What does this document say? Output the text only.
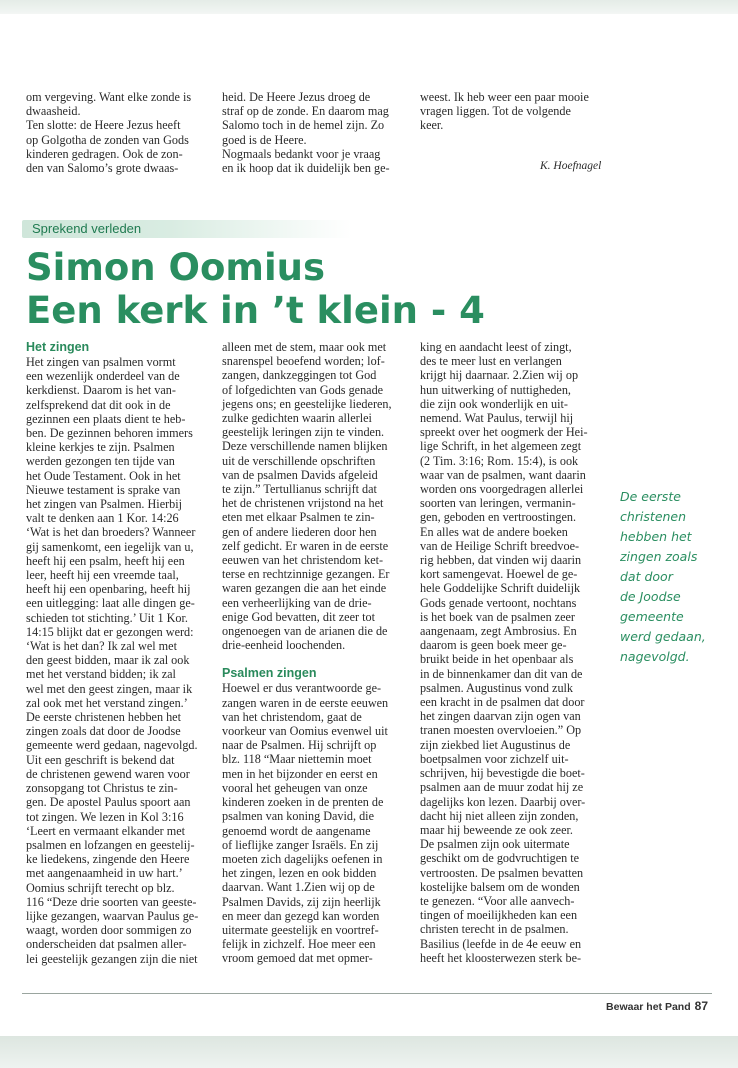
om vergeving. Want elke zonde is
dwaasheid.
Ten slotte: de Heere Jezus heeft
op Golgotha de zonden van Gods
kinderen gedragen. Ook de zon-
den van Salomo’s grote dwaas-

heid. De Heere Jezus droeg de
straf op de zonde. En daarom mag
Salomo toch in de hemel zijn. Zo
goed is de Heere.
Nogmaals bedankt voor je vraag
en ik hoop dat ik duidelijk ben ge-

weest. Ik heb weer een paar mooie
vragen liggen. Tot de volgende
keer.

K. Hoefnagel
Sprekend verleden
Simon Oomius
Een kerk in ’t klein - 4

Het zingen

Het zingen van psalmen vormt
een wezenlijk onderdeel van de
kerkdienst. Daarom is het van-
zelfsprekend dat dit ook in de
gezinnen een plaats dient te heb-
ben. De gezinnen behoren immers
kleine kerkjes te zijn. Psalmen
werden gezongen ten tijde van
het Oude Testament. Ook in het
Nieuwe testament is sprake van
het zingen van Psalmen. Hierbij
valt te denken aan 1 Kor. 14:26
‘Wat is het dan broeders? Wanneer
gij samenkomt, een iegelijk van u,
heeft hij een psalm, heeft hij een
leer, heeft hij een vreemde taal,
heeft hij een openbaring, heeft hij
een uitlegging: laat alle dingen ge-
schieden tot stichting.’ Uit 1 Kor.
14:15 blijkt dat er gezongen werd:
‘Wat is het dan? Ik zal wel met
den geest bidden, maar ik zal ook
met het verstand bidden; ik zal
wel met den geest zingen, maar ik
zal ook met het verstand zingen.’
De eerste christenen hebben het
zingen zoals dat door de Joodse
gemeente werd gedaan, nagevolgd.
Uit een geschrift is bekend dat
de christenen gewend waren voor
zonsopgang tot Christus te zin-
gen. De apostel Paulus spoort aan
tot zingen. We lezen in Kol 3:16
‘Leert en vermaant elkander met
psalmen en lofzangen en geestelij-
ke liedekens, zingende den Heere
met aangenaamheid in uw hart.’
Oomius schrijft terecht op blz.
116 “Deze drie soorten van geeste-
lijke gezangen, waarvan Paulus ge-
waagt, worden door sommigen zo
onderscheiden dat psalmen aller-
lei geestelijk gezangen zijn die niet

alleen met de stem, maar ook met
snarenspel beoefend worden; lof-
zangen, dankzeggingen tot God
of lofgedichten van Gods genade
jegens ons; en geestelijke liederen,
zulke gedichten waarin allerlei
geestelijk leringen zijn te vinden.
Deze verschillende namen blijken
uit de verschillende opschriften
van de psalmen Davids afgeleid
te zijn.” Tertullianus schrijft dat
het de christenen vrijstond na het
eten met elkaar Psalmen te zin-
gen of andere liederen door hen
zelf gedicht. Er waren in de eerste
eeuwen van het christendom ket-
terse en rechtzinnige gezangen. Er
waren gezangen die aan het einde
een verheerlijking van de drie-
enige God bevatten, dit zeer tot
ongenoegen van de arianen die de
drie-eenheid loochenden.

Psalmen zingen

Hoewel er dus verantwoorde ge-
zangen waren in de eerste eeuwen
van het christendom, gaat de
voorkeur van Oomius evenwel uit
naar de Psalmen. Hij schrijft op
blz. 118 “Maar niettemin moet
men in het bijzonder en eerst en
vooral het geheugen van onze
kinderen zoeken in de prenten de
psalmen van koning David, die
genoemd wordt de aangename
of lieflijke zanger Israëls. En zij
moeten zich dagelijks oefenen in
het zingen, lezen en ook bidden
daarvan. Want 1.Zien wij op de
Psalmen Davids, zij zijn heerlijk
en meer dan gezegd kan worden
uitermate geestelijk en voortref-
felijk in zichzelf. Hoe meer een
vroom gemoed dat met opmer-

king en aandacht leest of zingt,
des te meer lust en verlangen
krijgt hij daarnaar. 2.Zien wij op
hun uitwerking of nuttigheden,
die zijn ook wonderlijk en uit-
nemend. Wat Paulus, terwijl hij
spreekt over het oogmerk der Hei-
lige Schrift, in het algemeen zegt
(2 Tim. 3:16; Rom. 15:4), is ook
waar van de psalmen, want daarin
worden ons voorgedragen allerlei
soorten van leringen, vermanin-
gen, geboden en vertroostingen.
En alles wat de andere boeken
van de Heilige Schrift breedvoe-
rig hebben, dat vinden wij daarin
kort samengevat. Hoewel de ge-
hele Goddelijke Schrift duidelijk
Gods genade vertoont, nochtans
is het boek van de psalmen zeer
aangenaam, zegt Ambrosius. En
daarom is geen boek meer ge-
bruikt beide in het openbaar als
in de binnenkamer dan dit van de
psalmen. Augustinus vond zulk
een kracht in de psalmen dat door
het zingen daarvan zijn ogen van
tranen moesten overvloeien.” Op
zijn ziekbed liet Augustinus de
boetpsalmen voor zichzelf uit-
schrijven, hij bevestigde die boet-
psalmen aan de muur zodat hij ze
dagelijks kon lezen. Daarbij over-
dacht hij niet alleen zijn zonden,
maar hij beweende ze ook zeer.
De psalmen zijn ook uitermate
geschikt om de godvruchtigen te
vertroosten. De psalmen bevatten
kostelijke balsem om de wonden
te genezen. “Voor alle aanvech-
tingen of moeilijkheden kan een
christen terecht in de psalmen.
Basilius (leefde in de 4e eeuw en
heeft het kloosterwezen sterk be-

De eerste
christenen
hebben het
zingen zoals
dat door
de Joodse
gemeente
werd gedaan,
nagevolgd.
Bewaar het Pand 87
